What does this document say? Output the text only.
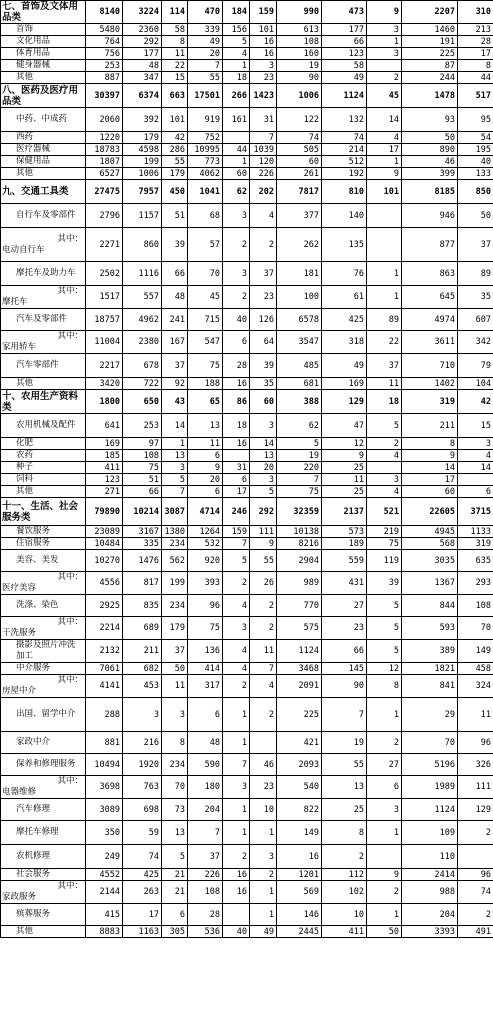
七、首饰及文体用品类	8140	3224	114	470	184	159	990	473	9	2207	310

首饰	5480	2360	58	339	156	101	613	177	3	1460	213

文化用品	764	292	8	49	5	16	108	66	1	191	28

体育用品	756	177	11	20	4	16	160	123	3	225	17

健身器械	253	48	22	7	1	3	19	58		87	8

其他	887	347	15	55	18	23	90	49	2	244	44

八、医药及医疗用品类	30397	6374	663	17501	266	1423	1006	1124	45	1478	517

中药、中成药	2060	392	101	919	161	31	122	132	14	93	95

西药	1220	179	42	752		7	74	74	4	50	54

医疗器械	18783	4598	286	10995	44	1039	505	214	17	890	195

保健用品	1807	199	55	773	1	120	60	512	1	46	40

其他	6527	1006	179	4062	60	226	261	192	9	399	133

九、交通工具类	27475	7957	450	1041	62	202	7817	810	101	8185	850

自行车及零部件	2796	1157	51	68	3	4	377	140		946	50

其中：
电动自行车	2271	860	39	57	2	2	262	135		877	37

摩托车及助力车	2502	1116	66	70	3	37	181	76	1	863	89

其中：
摩托车	1517	557	48	45	2	23	100	61	1	645	35

汽车及零部件	18757	4962	241	715	40	126	6578	425	89	4974	607

其中：
家用轿车	11004	2380	167	547	6	64	3547	318	22	3611	342

汽车零部件	2217	678	37	75	28	39	485	49	37	710	79

其他	3420	722	92	188	16	35	681	169	11	1402	104

十、农用生产资料类	1800	650	43	65	86	60	388	129	18	319	42

农用机械及配件	641	253	14	13	18	3	62	47	5	211	15

化肥	169	97	1	11	16	14	5	12	2	8	3

农药	185	108	13	6		13	19	9	4	9	4

种子	411	75	3	9	31	20	220	25		14	14

饲料	123	51	5	20	6	3	7	11	3	17	

其他	271	66	7	6	17	5	75	25	4	60	6

十一、生活、社会服务类	79890	10214	3087	4714	246	292	32359	2137	521	22605	3715

餐饮服务	23089	3167	1380	1264	159	111	10138	573	219	4945	1133

住宿服务	10484	335	234	532	7	9	8216	189	75	568	319

美容、美发	10270	1476	562	920	5	55	2904	559	119	3035	635

其中：
医疗美容	4556	817	199	393	2	26	989	431	39	1367	293

洗涤、染色	2925	835	234	96	4	2	770	27	5	844	108

其中：
干洗服务	2214	689	179	75	3	2	575	23	5	593	70

摄影及照片冲洗加工	2132	211	37	136	4	11	1124	66	5	389	149

中介服务	7061	682	50	414	4	7	3468	145	12	1821	458

其中：
房屋中介	4141	453	11	317	2	4	2091	90	8	841	324

出国、留学中介	288	3	3	6	1	2	225	7	1	29	11

家政中介	881	216	8	48	1		421	19	2	70	96

保养和修理服务	10494	1920	234	590	7	46	2093	55	27	5196	326

其中：
电器维修	3698	763	70	180	3	23	540	13	6	1989	111

汽车修理	3089	698	73	204	1	10	822	25	3	1124	129

摩托车修理	350	59	13	7	1	1	149	8	1	109	2

农机修理	249	74	5	37	2	3	16	2		110	

社会服务	4552	425	21	226	16	2	1201	112	9	2414	96

其中：
家政服务	2144	263	21	108	16	1	569	102	2	988	74

殡葬服务	415	17	6	28		1	146	10	1	204	2

其他	8883	1163	305	536	40	49	2445	411	50	3393	491
